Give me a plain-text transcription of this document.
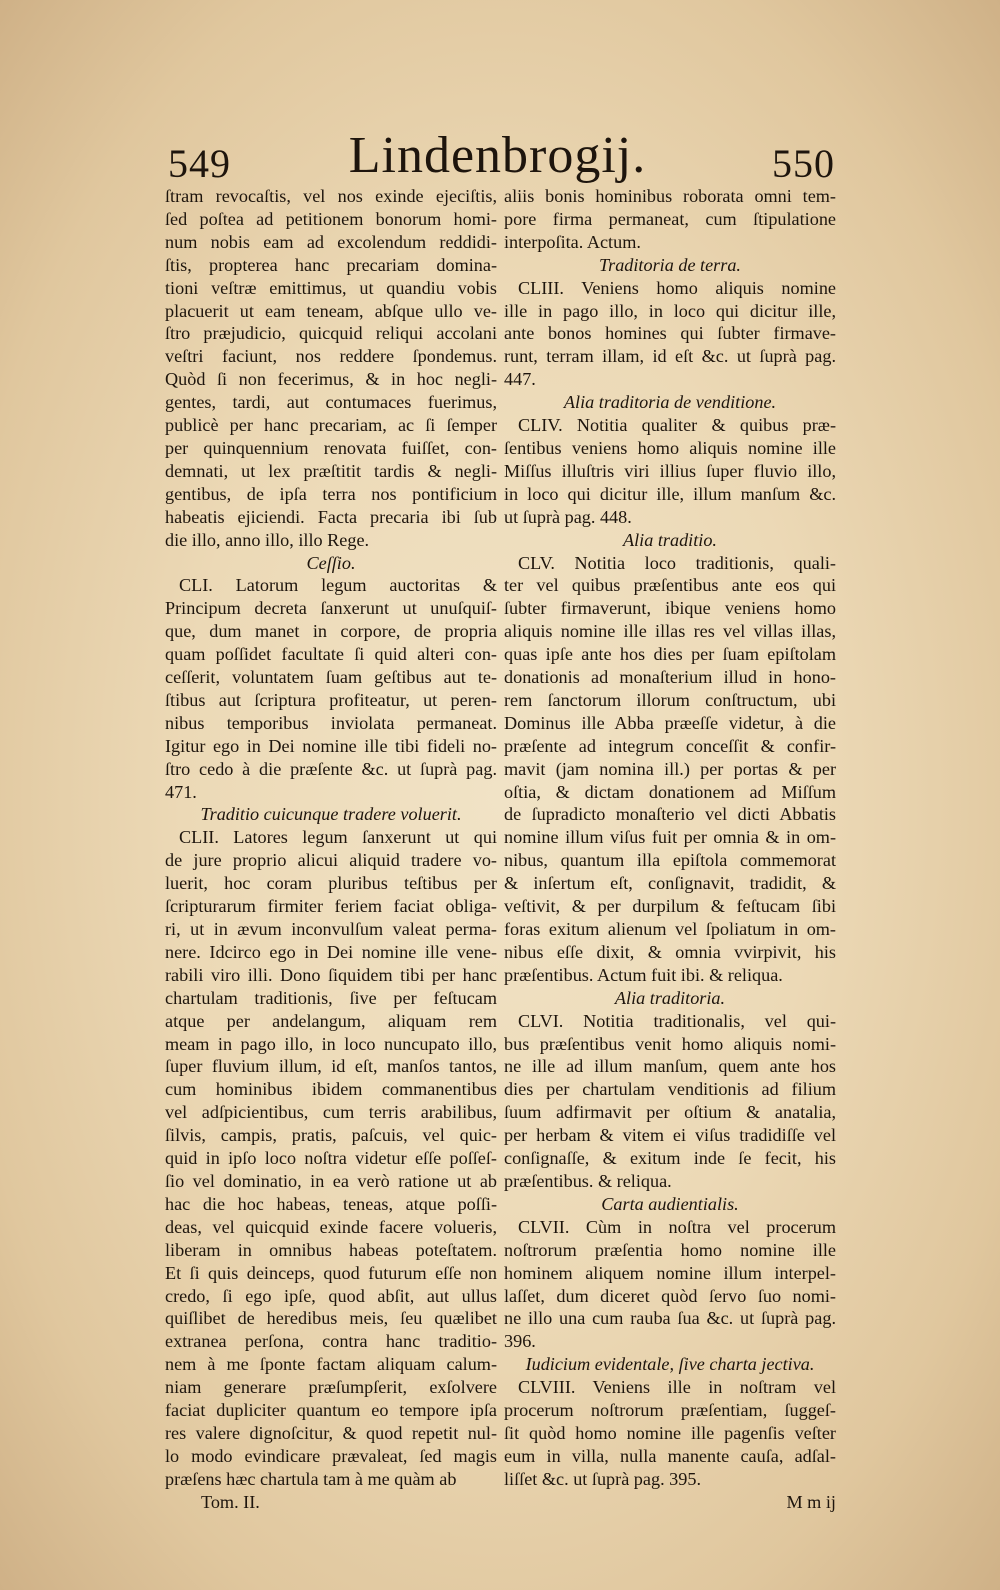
549	Lindenbrogij.	550
ſtram revocaſtis, vel nos exinde ejeciſtis,
ſed poſtea ad petitionem bonorum homi-
num nobis eam ad excolendum reddidi-
ſtis, propterea hanc precariam domina-
tioni veſtræ emittimus, ut quandiu vobis
placuerit ut eam teneam, abſque ullo ve-
ſtro præjudicio, quicquid reliqui accolani
veſtri faciunt, nos reddere ſpondemus.
Quòd ſi non fecerimus, & in hoc negli-
gentes, tardi, aut contumaces fuerimus,
publicè per hanc precariam, ac ſi ſemper
per quinquennium renovata fuiſſet, con-
demnati, ut lex præſtitit tardis & negli-
gentibus, de ipſa terra nos pontificium
habeatis ejiciendi. Facta precaria ibi ſub
die illo, anno illo, illo Rege.
Ceſſio.
CLI. Latorum legum auctoritas &
Principum decreta ſanxerunt ut unuſquiſ-
que, dum manet in corpore, de propria
quam poſſidet facultate ſi quid alteri con-
ceſſerit, voluntatem ſuam geſtibus aut te-
ſtibus aut ſcriptura profiteatur, ut peren-
nibus temporibus inviolata permaneat.
Igitur ego in Dei nomine ille tibi fideli no-
ſtro cedo à die præſente &c. ut ſuprà pag.
471.
Traditio cuicunque tradere voluerit.
CLII. Latores legum ſanxerunt ut qui
de jure proprio alicui aliquid tradere vo-
luerit, hoc coram pluribus teſtibus per
ſcripturarum firmiter feriem faciat obliga-
ri, ut in ævum inconvulſum valeat perma-
nere. Idcirco ego in Dei nomine ille vene-
rabili viro illi. Dono ſiquidem tibi per hanc
chartulam traditionis, ſive per feſtucam
atque per andelangum, aliquam rem
meam in pago illo, in loco nuncupato illo,
ſuper fluvium illum, id eſt, manſos tantos,
cum hominibus ibidem commanentibus
vel adſpicientibus, cum terris arabilibus,
ſilvis, campis, pratis, paſcuis, vel quic-
quid in ipſo loco noſtra videtur eſſe poſſeſ-
ſio vel dominatio, in ea verò ratione ut ab
hac die hoc habeas, teneas, atque poſſi-
deas, vel quicquid exinde facere volueris,
liberam in omnibus habeas poteſtatem.
Et ſi quis deinceps, quod futurum eſſe non
credo, ſi ego ipſe, quod abſit, aut ullus
quiſlibet de heredibus meis, ſeu quælibet
extranea perſona, contra hanc traditio-
nem à me ſponte factam aliquam calum-
niam generare præſumpſerit, exſolvere
faciat dupliciter quantum eo tempore ipſa
res valere dignoſcitur, & quod repetit nul-
lo modo evindicare prævaleat, ſed magis
præſens hæc chartula tam à me quàm ab
Tom. II.
aliis bonis hominibus roborata omni tem-
pore firma permaneat, cum ſtipulatione
interpoſita. Actum.
Traditoria de terra.
CLIII. Veniens homo aliquis nomine
ille in pago illo, in loco qui dicitur ille,
ante bonos homines qui ſubter firmave-
runt, terram illam, id eſt &c. ut ſuprà pag.
447.
Alia traditoria de venditione.
CLIV. Notitia qualiter & quibus præ-
ſentibus veniens homo aliquis nomine ille
Miſſus illuſtris viri illius ſuper fluvio illo,
in loco qui dicitur ille, illum manſum &c.
ut ſuprà pag. 448.
Alia traditio.
CLV. Notitia loco traditionis, quali-
ter vel quibus præſentibus ante eos qui
ſubter firmaverunt, ibique veniens homo
aliquis nomine ille illas res vel villas illas,
quas ipſe ante hos dies per ſuam epiſtolam
donationis ad monaſterium illud in hono-
rem ſanctorum illorum conſtructum, ubi
Dominus ille Abba præeſſe videtur, à die
præſente ad integrum conceſſit & confir-
mavit (jam nomina ill.) per portas & per
oſtia, & dictam donationem ad Miſſum
de ſupradicto monaſterio vel dicti Abbatis
nomine illum viſus fuit per omnia & in om-
nibus, quantum illa epiſtola commemorat
& inſertum eſt, conſignavit, tradidit, &
veſtivit, & per durpilum & feſtucam ſibi
foras exitum alienum vel ſpoliatum in om-
nibus eſſe dixit, & omnia vvirpivit, his
præſentibus. Actum fuit ibi. & reliqua.
Alia traditoria.
CLVI. Notitia traditionalis, vel qui-
bus præſentibus venit homo aliquis nomi-
ne ille ad illum manſum, quem ante hos
dies per chartulam venditionis ad filium
ſuum adfirmavit per oſtium & anatalia,
per herbam & vitem ei viſus tradidiſſe vel
conſignaſſe, & exitum inde ſe fecit, his
præſentibus. & reliqua.
Carta audientialis.
CLVII. Cùm in noſtra vel procerum
noſtrorum præſentia homo nomine ille
hominem aliquem nomine illum interpel-
laſſet, dum diceret quòd ſervo ſuo nomi-
ne illo una cum rauba ſua &c. ut ſuprà pag.
396.
Iudicium evidentale, ſive charta jectiva.
CLVIII. Veniens ille in noſtram vel
procerum noſtrorum præſentiam, ſuggeſ-
ſit quòd homo nomine ille pagenſis veſter
eum in villa, nulla manente cauſa, adſal-
liſſet &c. ut ſuprà pag. 395.
M m ij
